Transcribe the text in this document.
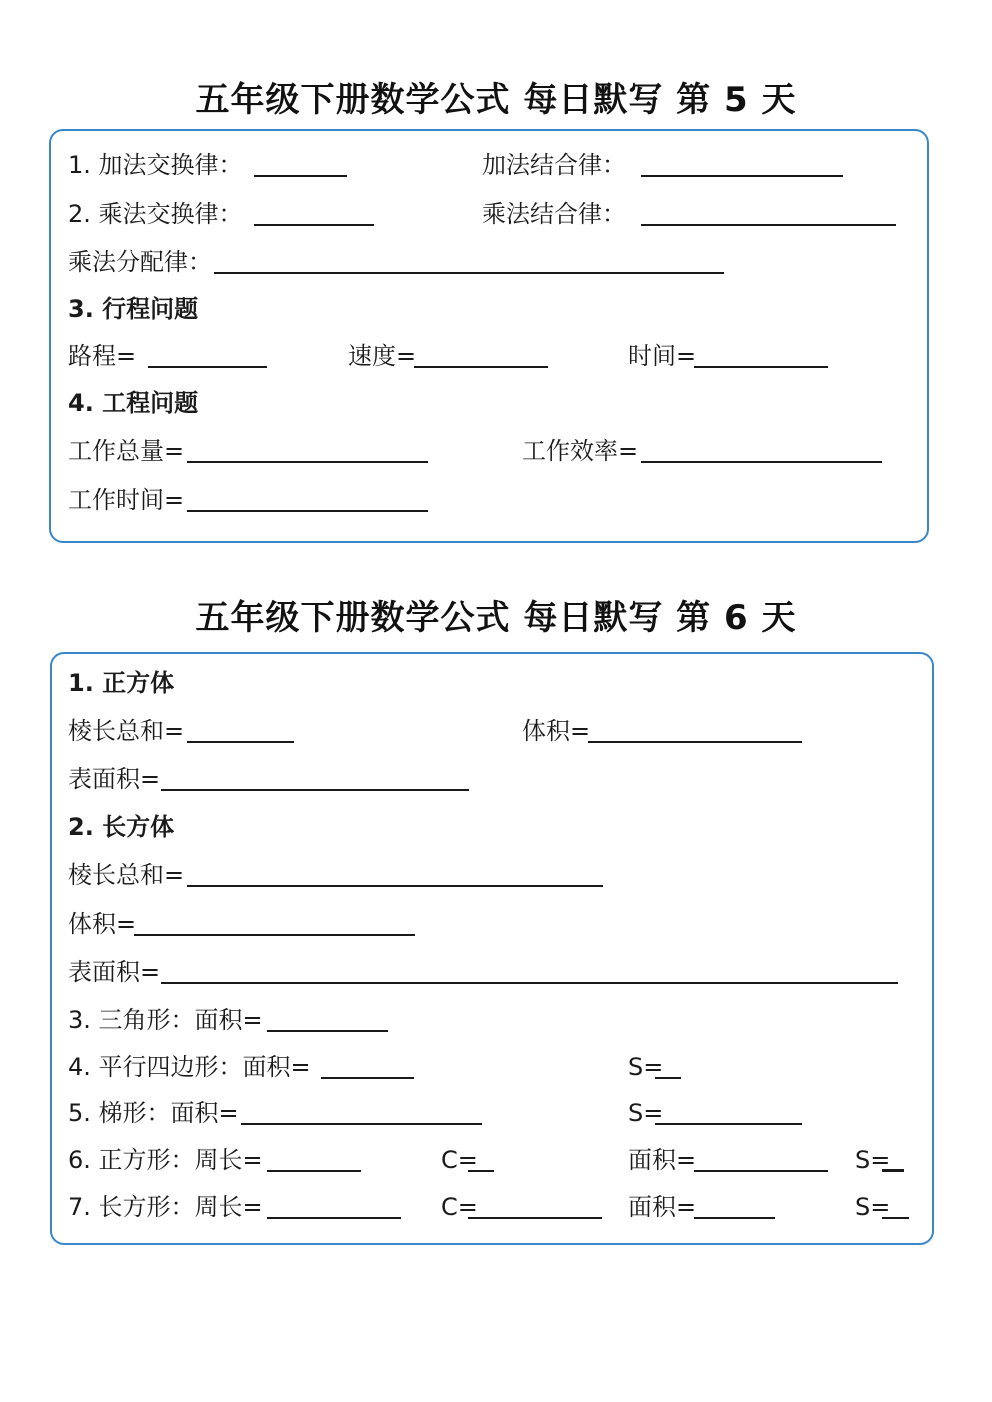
五年级下册数学公式 每日默写 第 5 天
1. 加法交换律：	加法结合律：
2. 乘法交换律：	乘法结合律：
乘法分配律：
3. 行程问题
路程=	速度=	时间=
4. 工程问题
工作总量=	工作效率=
工作时间=
五年级下册数学公式 每日默写 第 6 天
1. 正方体
棱长总和=	体积=
表面积=
2. 长方体
棱长总和=
体积=
表面积=
3. 三角形：面积=
4. 平行四边形：面积=	S=
5. 梯形：面积=	S=
6. 正方形：周长=	C=	面积=	S=
7. 长方形：周长=	C=	面积=	S=
